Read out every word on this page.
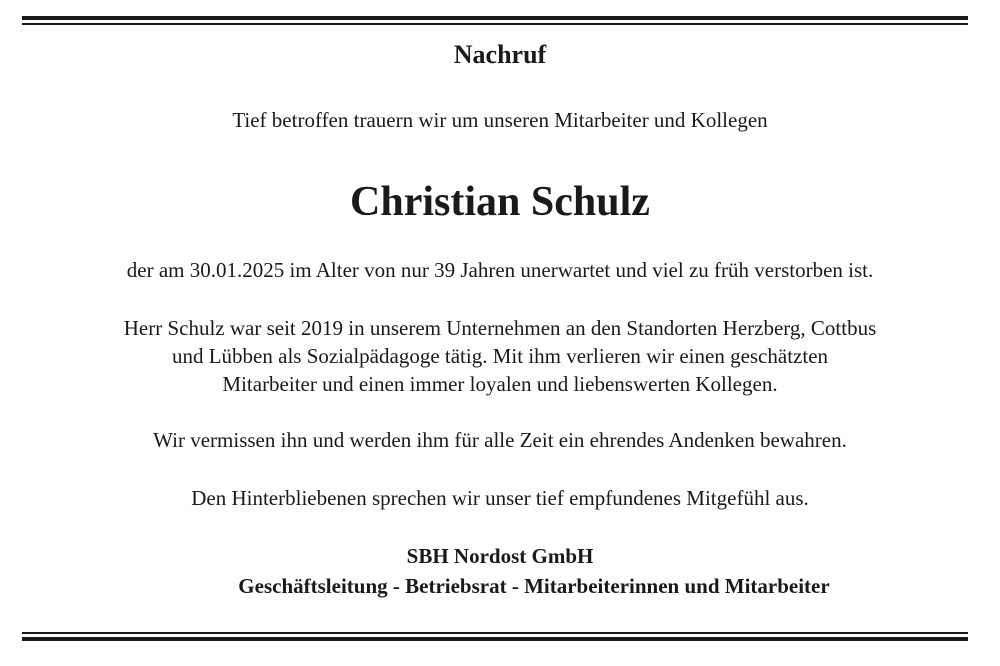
Nachruf
Tief betroffen trauern wir um unseren Mitarbeiter und Kollegen
Christian Schulz
der am 30.01.2025 im Alter von nur 39 Jahren unerwartet und viel zu früh verstorben ist.
Herr Schulz war seit 2019 in unserem Unternehmen an den Standorten Herzberg, Cottbus
und Lübben als Sozialpädagoge tätig. Mit ihm verlieren wir einen geschätzten
Mitarbeiter und einen immer loyalen und liebenswerten Kollegen.
Wir vermissen ihn und werden ihm für alle Zeit ein ehrendes Andenken bewahren.
Den Hinterbliebenen sprechen wir unser tief empfundenes Mitgefühl aus.
SBH Nordost GmbH
Geschäftsleitung - Betriebsrat - Mitarbeiterinnen und Mitarbeiter
